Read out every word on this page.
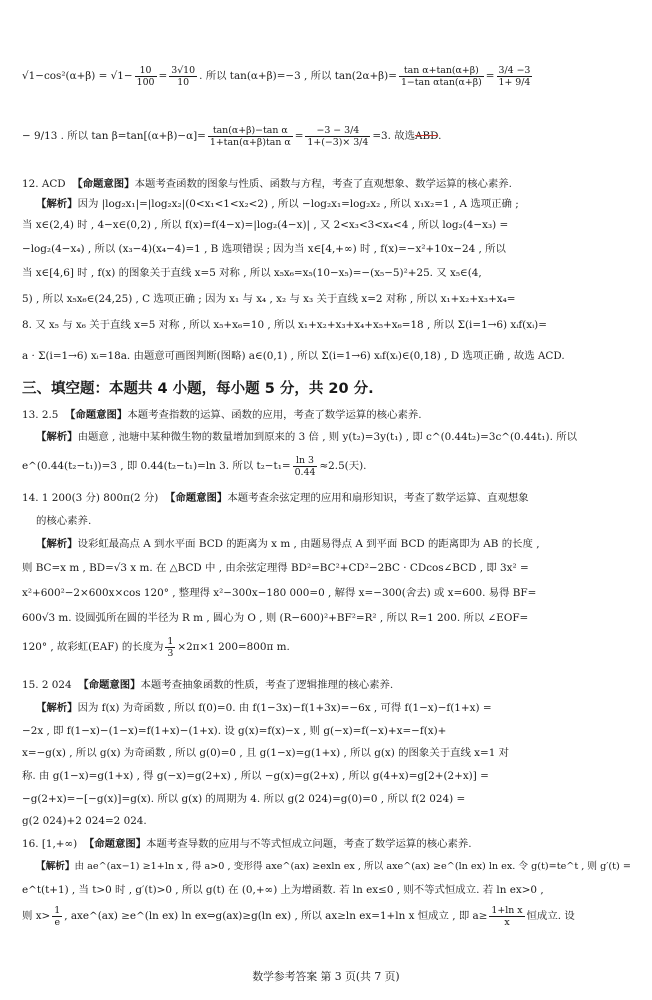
$√1-\cos^2(\alpha+\beta) = √1- \frac{10}{100} = \frac{3√10}{10}$ . 所以 tan(α+β)=−3 , 所以 $\tan(2\alpha+\beta)= \frac{\text{tan α+tan(α+β)}}{\text{1−tan αtan(α+β)}} = \frac{3/4 -3}{1+ 9/4}$
− 9/13 . 所以 $\tan \beta=\tan[(\alpha+\beta)-\alpha]= \frac{\text{tan(α+β)−tan α}}{\text{1+tan(α+β)tan α}} = \frac{-3 - 3/4}{1+(-3)\times 3/4} =3$. 故选ABD.
12. ACD 【命题意图】本题考查函数的图象与性质、函数与方程，考查了直观想象、数学运算的核心素养.
【解析】因为 |log₂x₁|=|log₂x₂|(0<x₁<1<x₂<2) , 所以 −log₂x₁=log₂x₂ , 所以 x₁x₂=1 , A 选项正确 ;
当 x∈(2,4) 时 , 4−x∈(0,2) , 所以 f(x)=f(4−x)=|log₂(4−x)| , 又 2<x₃<3<x₄<4 , 所以 log₂(4−x₃) =
−log₂(4−x₄) , 所以 (x₃−4)(x₄−4)=1 , B 选项错误 ; 因为当 x∈[4,+∞) 时 , f(x)=−x²+10x−24 , 所以
当 x∈[4,6] 时 , f(x) 的图象关于直线 x=5 对称 , 所以 x₅x₆=x₅(10−x₅)=−(x₅−5)²+25. 又 x₅∈(4,
5) , 所以 x₅x₆∈(24,25) , C 选项正确 ; 因为 x₁ 与 x₄ , x₂ 与 x₃ 关于直线 x=2 对称 , 所以 x₁+x₂+x₃+x₄=
8. 又 x₅ 与 x₆ 关于直线 x=5 对称 , 所以 x₅+x₆=10 , 所以 x₁+x₂+x₃+x₄+x₅+x₆=18 , 所以 Σ(i=1→6) xᵢf(xᵢ)=
a · Σ(i=1→6) xᵢ=18a. 由题意可画图判断(图略) a∈(0,1) , 所以 Σ(i=1→6) xᵢf(xᵢ)∈(0,18) , D 选项正确 , 故选 ACD.
三、填空题：本题共 4 小题，每小题 5 分，共 20 分.
13. 2.5 【命题意图】本题考查指数的运算、函数的应用，考查了数学运算的核心素养.
【解析】由题意 , 池塘中某种微生物的数量增加到原来的 3 倍 , 则 y(t₂)=3y(t₁) , 即 c^(0.44t₂)=3c^(0.44t₁). 所以
e^(0.44(t₂−t₁))=3 , 即 0.44(t₂−t₁)=ln 3. 所以 $t_2-t_1= \frac{\ln 3}{0.44} \approx 2.5$(天).
14. 1 200(3 分) 800π(2 分) 【命题意图】本题考查余弦定理的应用和扇形知识，考查了数学运算、直观想象
的核心素养.
【解析】设彩虹最高点 A 到水平面 BCD 的距离为 x m , 由题易得点 A 到平面 BCD 的距离即为 AB 的长度 ,
则 BC=x m , BD=√3 x m. 在 △BCD 中 , 由余弦定理得 BD²=BC²+CD²−2BC · CDcos∠BCD , 即 3x² =
x²+600²−2×600x×cos 120° , 整理得 x²−300x−180 000=0 , 解得 x=−300(舍去) 或 x=600. 易得 BF=
600√3 m. 设圆弧所在圆的半径为 R m , 圆心为 O , 则 (R−600)²+BF²=R² , 所以 R=1 200. 所以 ∠EOF=
120° , 故彩虹(EAF) 的长度为 $\frac{1}{3} \times 2\pi\times 1$ 200=800π m.
15. 2 024 【命题意图】本题考查抽象函数的性质，考查了逻辑推理的核心素养.
【解析】因为 f(x) 为奇函数 , 所以 f(0)=0. 由 f(1−3x)−f(1+3x)=−6x , 可得 f(1−x)−f(1+x) =
−2x , 即 f(1−x)−(1−x)=f(1+x)−(1+x). 设 g(x)=f(x)−x , 则 g(−x)=f(−x)+x=−f(x)+
x=−g(x) , 所以 g(x) 为奇函数 , 所以 g(0)=0 , 且 g(1−x)=g(1+x) , 所以 g(x) 的图象关于直线 x=1 对
称. 由 g(1−x)=g(1+x) , 得 g(−x)=g(2+x) , 所以 −g(x)=g(2+x) , 所以 g(4+x)=g[2+(2+x)] =
−g(2+x)=−[−g(x)]=g(x). 所以 g(x) 的周期为 4. 所以 g(2 024)=g(0)=0 , 所以 f(2 024) =
g(2 024)+2 024=2 024.
16. [1,+∞) 【命题意图】本题考查导数的应用与不等式恒成立问题，考查了数学运算的核心素养.
【解析】由 ae^(ax−1) ≥1+ln x , 得 a>0 , 变形得 axe^(ax) ≥exln ex , 所以 axe^(ax) ≥e^(ln ex) ln ex. 令 g(t)=te^t , 则 g′(t) =
e^t(t+1) , 当 t>0 时 , g′(t)>0 , 所以 g(t) 在 (0,+∞) 上为增函数. 若 ln ex≤0 , 则不等式恒成立. 若 ln ex>0 ,
则 $x> \frac{1}{e}$ , axe^(ax) ≥e^(ln ex) ln ex⇔g(ax)≥g(ln ex) , 所以 ax≥ln ex=1+ln x 恒成立 , 即 $a\ge \frac{\text{1+ln x}}{x}$ 恒成立. 设
数学参考答案 第 3 页(共 7 页)
